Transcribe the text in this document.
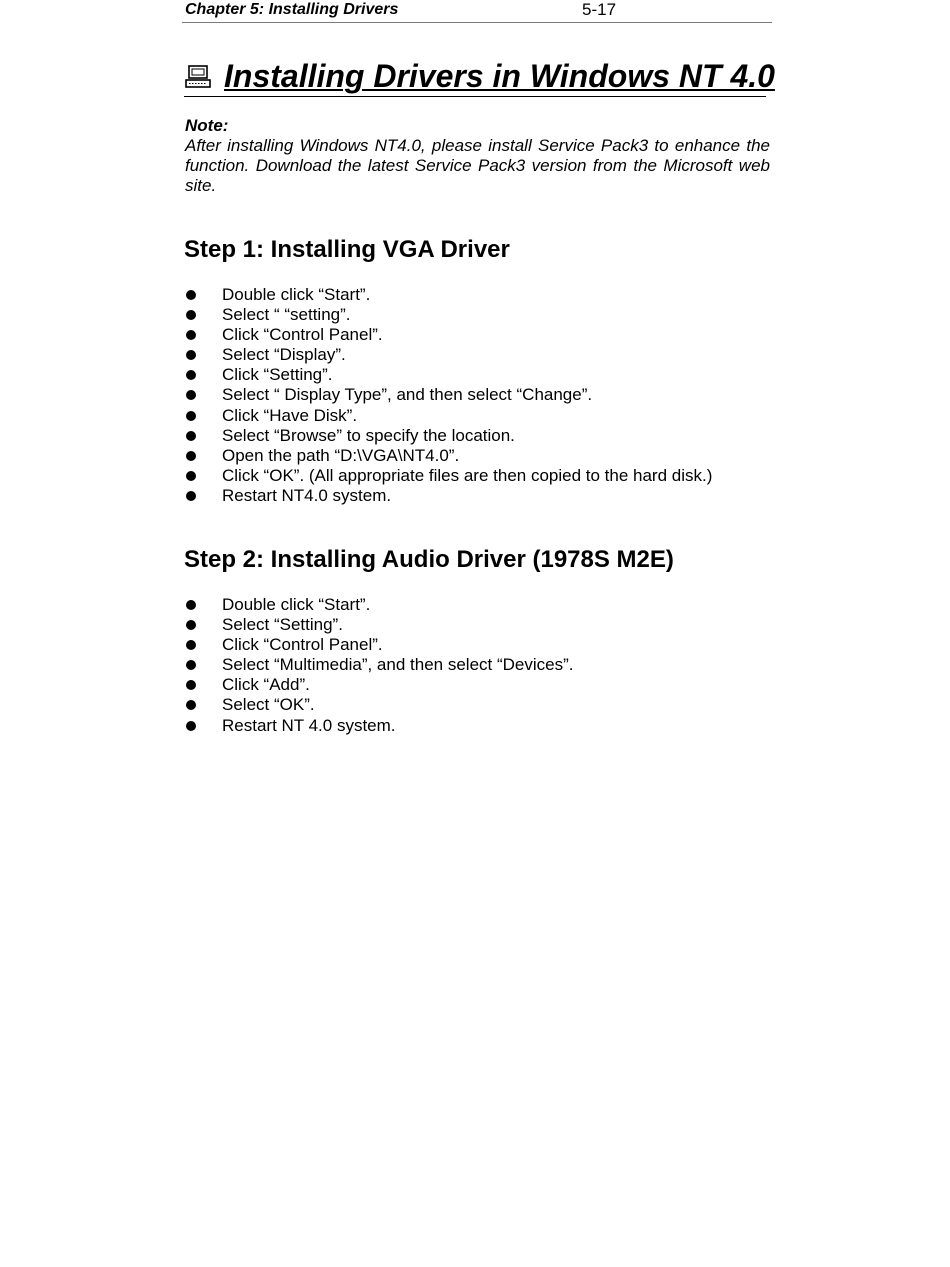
Chapter 5: Installing Drivers	5-17
Installing Drivers in Windows NT 4.0
Note:
After installing Windows NT4.0, please install Service Pack3 to enhance the function. Download the latest Service Pack3 version from the Microsoft web site.
Step 1: Installing VGA Driver
Double click “Start”.
Select “ “setting”.
Click “Control Panel”.
Select “Display”.
Click “Setting”.
Select “ Display Type”, and then select “Change”.
Click “Have Disk”.
Select “Browse” to specify the location.
Open the path “D:\VGA\NT4.0”.
Click “OK”. (All appropriate files are then copied to the hard disk.)
Restart NT4.0 system.
Step 2: Installing Audio Driver (1978S M2E)
Double click “Start”.
Select “Setting”.
Click “Control Panel”.
Select “Multimedia”, and then select “Devices”.
Click “Add”.
Select “OK”.
Restart NT 4.0 system.
